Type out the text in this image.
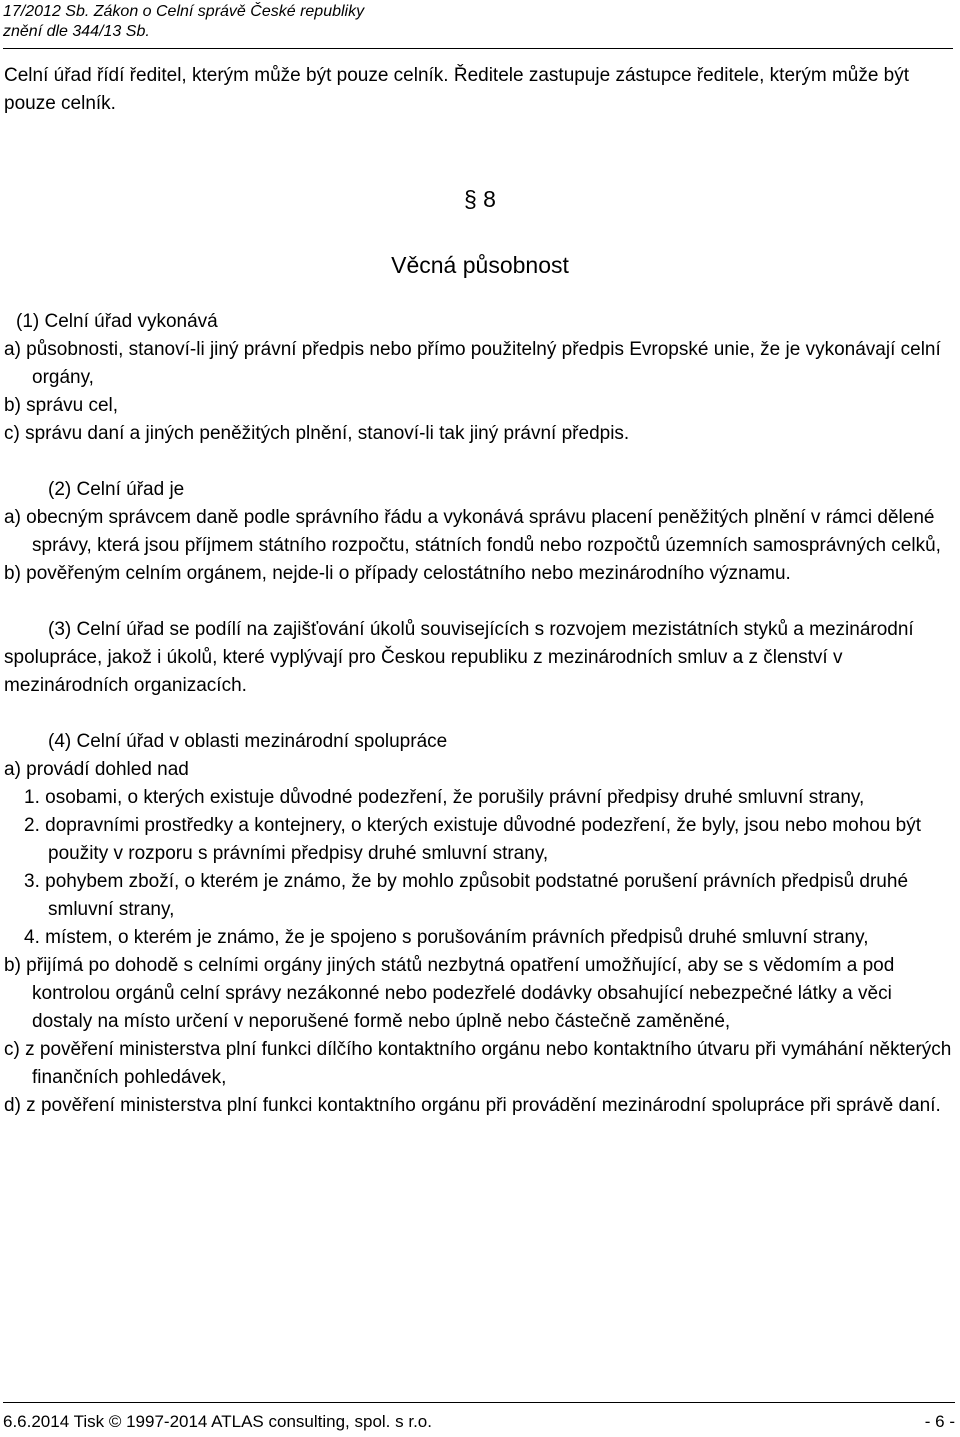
17/2012 Sb. Zákon o Celní správě České republiky
znění dle 344/13 Sb.

Celní úřad řídí ředitel, kterým může být pouze celník. Ředitele zastupuje zástupce ředitele, kterým může být pouze celník.

§ 8
Věcná působnost

(1) Celní úřad vykonává

a) působnosti, stanoví-li jiný právní předpis nebo přímo použitelný předpis Evropské unie, že je vykonávají celní orgány,

b) správu cel,

c) správu daní a jiných peněžitých plnění, stanoví-li tak jiný právní předpis.

(2) Celní úřad je

a) obecným správcem daně podle správního řádu a vykonává správu placení peněžitých plnění v rámci dělené správy, která jsou příjmem státního rozpočtu, státních fondů nebo rozpočtů územních samosprávných celků,

b) pověřeným celním orgánem, nejde-li o případy celostátního nebo mezinárodního významu.

(3) Celní úřad se podílí na zajišťování úkolů souvisejících s rozvojem mezistátních styků a mezinárodní spolupráce, jakož i úkolů, které vyplývají pro Českou republiku z mezinárodních smluv a z členství v mezinárodních organizacích.

(4) Celní úřad v oblasti mezinárodní spolupráce

a) provádí dohled nad

1. osobami, o kterých existuje důvodné podezření, že porušily právní předpisy druhé smluvní strany,

2. dopravními prostředky a kontejnery, o kterých existuje důvodné podezření, že byly, jsou nebo mohou být použity v rozporu s právními předpisy druhé smluvní strany,

3. pohybem zboží, o kterém je známo, že by mohlo způsobit podstatné porušení právních předpisů druhé smluvní strany,

4. místem, o kterém je známo, že je spojeno s porušováním právních předpisů druhé smluvní strany,

b) přijímá po dohodě s celními orgány jiných států nezbytná opatření umožňující, aby se s vědomím a pod kontrolou orgánů celní správy nezákonné nebo podezřelé dodávky obsahující nebezpečné látky a věci dostaly na místo určení v neporušené formě nebo úplně nebo částečně zaměněné,

c) z pověření ministerstva plní funkci dílčího kontaktního orgánu nebo kontaktního útvaru při vymáhání některých finančních pohledávek,

d) z pověření ministerstva plní funkci kontaktního orgánu při provádění mezinárodní spolupráce při správě daní.

6.6.2014 Tisk © 1997-2014 ATLAS consulting, spol. s r.o.	- 6 -
